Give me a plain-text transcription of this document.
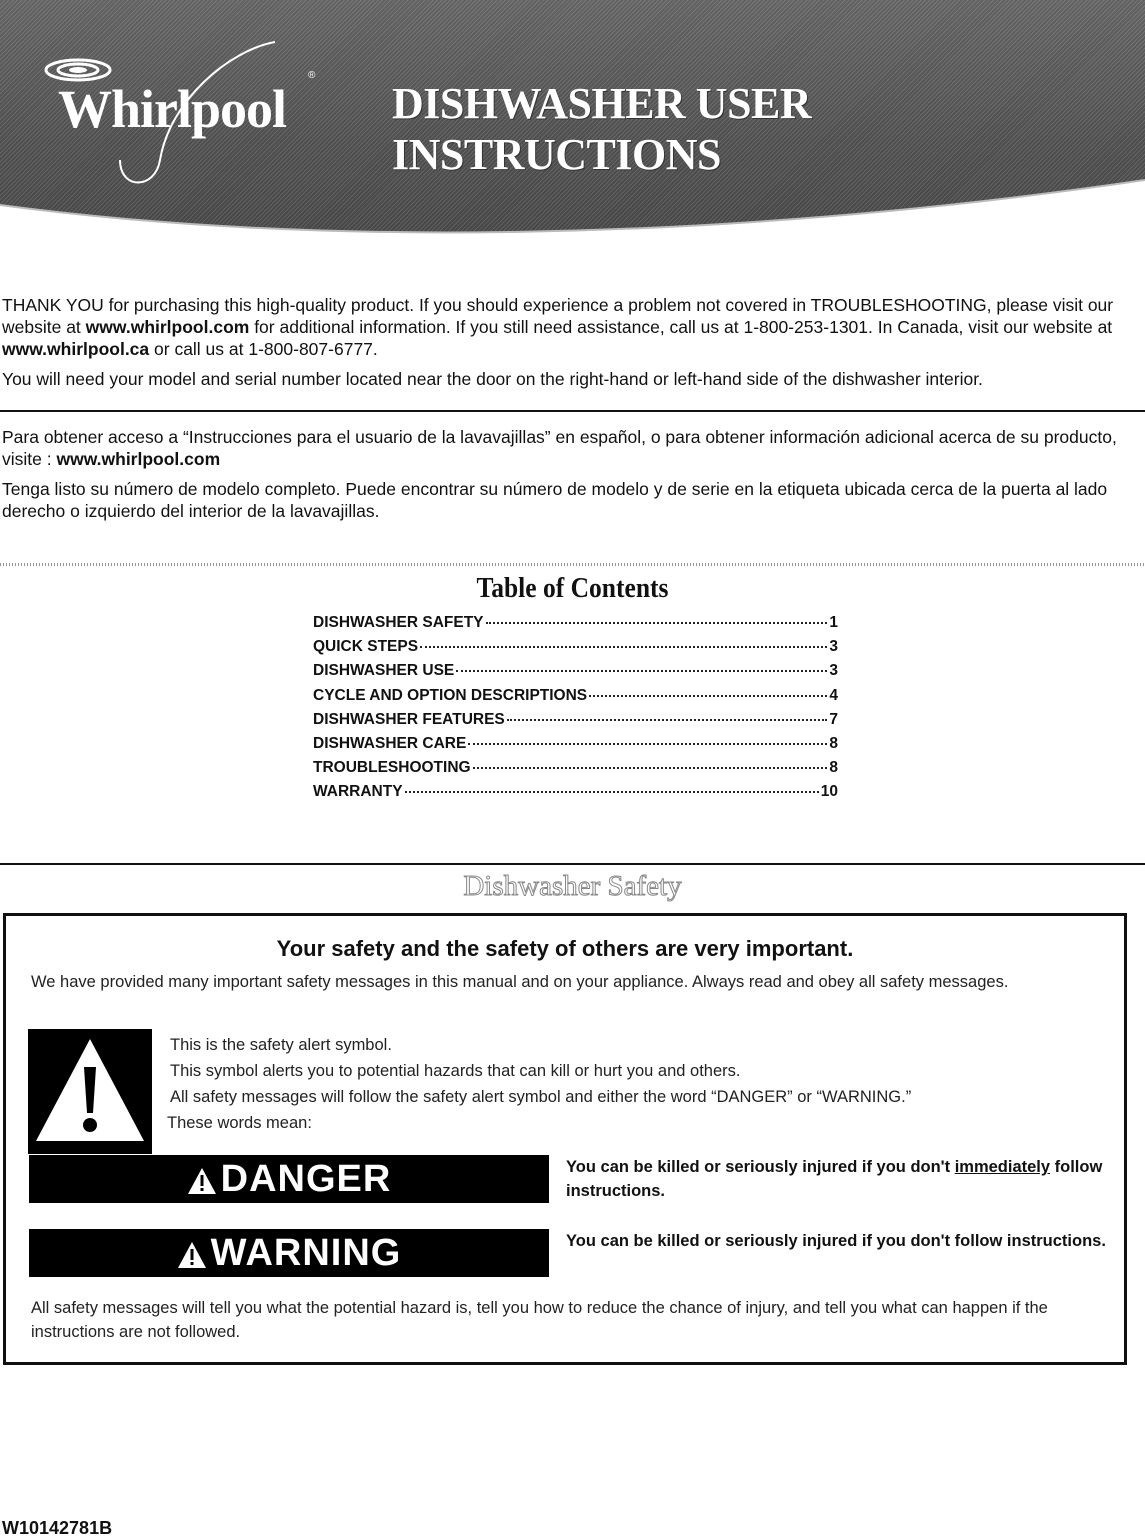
®
Whirlpool DISHWASHER USER INSTRUCTIONS

THANK YOU for purchasing this high-quality product. If you should experience a problem not covered in TROUBLESHOOTING, please visit our website at www.whirlpool.com for additional information. If you still need assistance, call us at 1-800-253-1301. In Canada, visit our website at www.whirlpool.ca or call us at 1-800-807-6777.

You will need your model and serial number located near the door on the right-hand or left-hand side of the dishwasher interior.

Para obtener acceso a “Instrucciones para el usuario de la lavavajillas” en español, o para obtener información adicional acerca de su producto, visite : www.whirlpool.com

Tenga listo su número de modelo completo. Puede encontrar su número de modelo y de serie en la etiqueta ubicada cerca de la puerta al lado derecho o izquierdo del interior de la lavavajillas.

Table of Contents
DISHWASHER SAFETY	1
QUICK STEPS	3
DISHWASHER USE	3
CYCLE AND OPTION DESCRIPTIONS	4
DISHWASHER FEATURES	7
DISHWASHER CARE	8
TROUBLESHOOTING	8
WARRANTY	10
Dishwasher Safety
Your safety and the safety of others are very important.
We have provided many important safety messages in this manual and on your appliance. Always read and obey all safety messages.
This is the safety alert symbol.
This symbol alerts you to potential hazards that can kill or hurt you and others.
All safety messages will follow the safety alert symbol and either the word “DANGER” or “WARNING.”
These words mean:
DANGER	You can be killed or seriously injured if you don't immediately follow instructions.
WARNING	You can be killed or seriously injured if you don't follow instructions.
All safety messages will tell you what the potential hazard is, tell you how to reduce the chance of injury, and tell you what can happen if the instructions are not followed.
W10142781B
